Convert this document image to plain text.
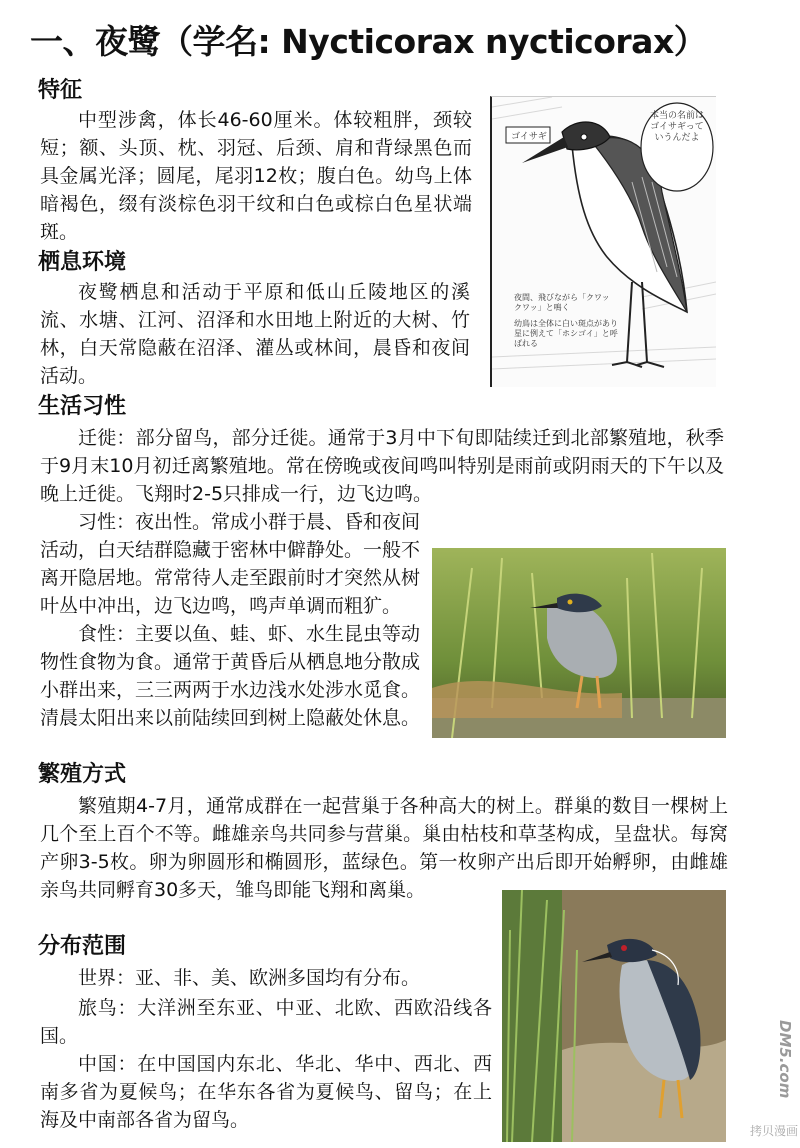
一、夜鹭（学名: Nycticorax nycticorax）
特征

中型涉禽，体长46-60厘米。体较粗胖，颈较短；额、头顶、枕、羽冠、后颈、肩和背绿黑色而具金属光泽；圆尾，尾羽12枚；腹白色。幼鸟上体暗褐色，缀有淡棕色羽干纹和白色或棕白色星状端斑。

栖息环境

夜鹭栖息和活动于平原和低山丘陵地区的溪流、水塘、江河、沼泽和水田地上附近的大树、竹林，白天常隐蔽在沼泽、灌丛或林间，晨昏和夜间活动。

ゴイサギ
本当の名前はゴイサギっていうんだよ
夜間、飛びながら「クワックワッ」と鳴く
幼鳥は全体に白い斑点があり星に例えて「ホシゴイ」と呼ばれる
生活习性

迁徙：部分留鸟，部分迁徙。通常于3月中下旬即陆续迁到北部繁殖地，秋季于9月末10月初迁离繁殖地。常在傍晚或夜间鸣叫特别是雨前或阴雨天的下午以及晚上迁徙。飞翔时2-5只排成一行，边飞边鸣。

习性：夜出性。常成小群于晨、昏和夜间活动，白天结群隐藏于密林中僻静处。一般不离开隐居地。常常待人走至跟前时才突然从树叶丛中冲出，边飞边鸣，鸣声单调而粗犷。

食性：主要以鱼、蛙、虾、水生昆虫等动物性食物为食。通常于黄昏后从栖息地分散成小群出来，三三两两于水边浅水处涉水觅食。清晨太阳出来以前陆续回到树上隐蔽处休息。

繁殖方式

繁殖期4-7月，通常成群在一起营巢于各种高大的树上。群巢的数目一棵树上几个至上百个不等。雌雄亲鸟共同参与营巢。巢由枯枝和草茎构成，呈盘状。每窝产卵3-5枚。卵为卵圆形和椭圆形，蓝绿色。第一枚卵产出后即开始孵卵，由雌雄亲鸟共同孵育30多天，雏鸟即能飞翔和离巢。

分布范围

世界：亚、非、美、欧洲多国均有分布。

旅鸟：大洋洲至东亚、中亚、北欧、西欧沿线各国。

中国：在中国国内东北、华北、华中、西北、西南多省为夏候鸟；在华东各省为夏候鸟、留鸟；在上海及中南部各省为留鸟。

DM5.com
拷贝漫画
